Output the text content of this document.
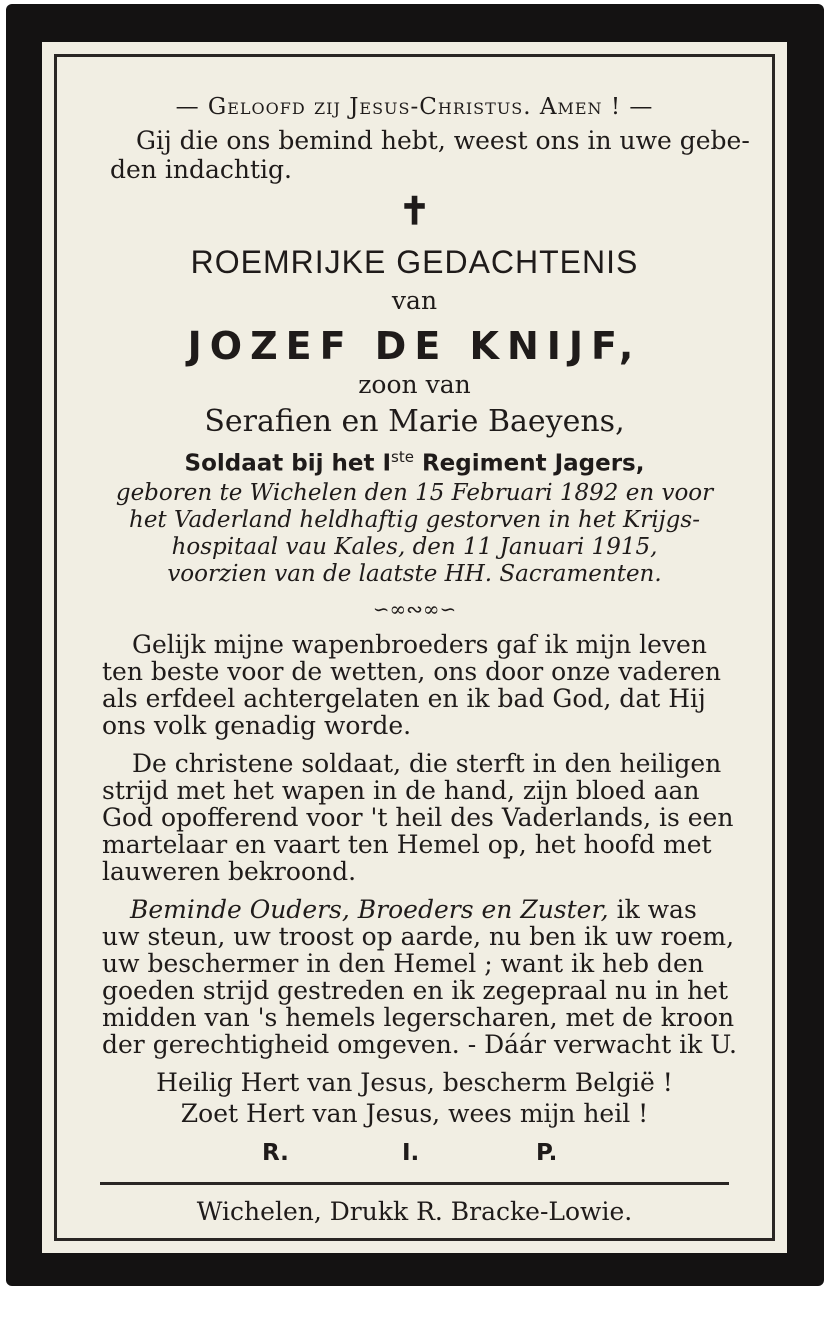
— Geloofd zij Jesus-Christus. Amen ! —
Gij die ons bemind hebt, weest ons in uwe gebe-
den indachtig.
✝
ROEMRIJKE GEDACHTENIS
van
JOZEF DE KNIJF,
zoon van
Serafien en Marie Baeyens,
Soldaat bij het Iste Regiment Jagers,
geboren te Wichelen den 15 Februari 1892 en voor
het Vaderland heldhaftig gestorven in het Krijgs-
hospitaal vau Kales, den 11 Januari 1915,
voorzien van de laatste HH. Sacramenten.
∽∞∾∞∽
Gelijk mijne wapenbroeders gaf ik mijn leven
ten beste voor de wetten, ons door onze vaderen
als erfdeel achtergelaten en ik bad God, dat Hij
ons volk genadig worde.
De christene soldaat, die sterft in den heiligen
strijd met het wapen in de hand, zijn bloed aan
God opofferend voor 't heil des Vaderlands, is een
martelaar en vaart ten Hemel op, het hoofd met
lauweren bekroond.
Beminde Ouders, Broeders en Zuster, ik was
uw steun, uw troost op aarde, nu ben ik uw roem,
uw beschermer in den Hemel ; want ik heb den
goeden strijd gestreden en ik zegepraal nu in het
midden van 's hemels legerscharen, met de kroon
der gerechtigheid omgeven. - Dáár verwacht ik U.
Heilig Hert van Jesus, bescherm België !
Zoet Hert van Jesus, wees mijn heil !
R.	I.	P.
Wichelen, Drukk R. Bracke-Lowie.
